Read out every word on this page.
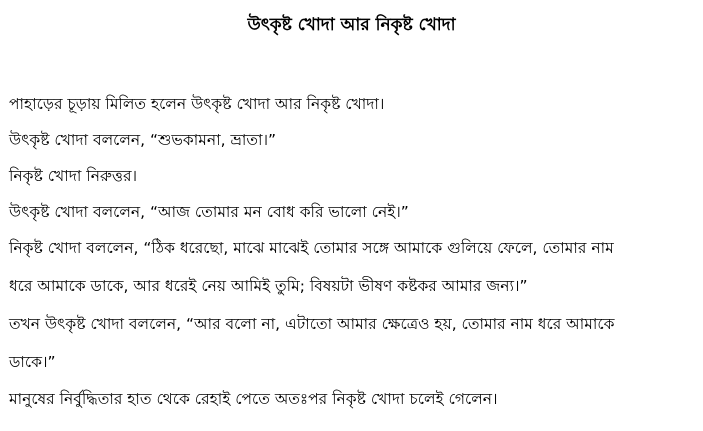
উৎকৃষ্ট খোদা আর নিকৃষ্ট খোদা
পাহাড়ের চূড়ায় মিলিত হলেন উৎকৃষ্ট খোদা আর নিকৃষ্ট খোদা।
উৎকৃষ্ট খোদা বললেন, “শুভকামনা, ভ্রাতা।”
নিকৃষ্ট খোদা নিরুত্তর।
উৎকৃষ্ট খোদা বললেন, “আজ তোমার মন বোধ করি ভালো নেই।”
নিকৃষ্ট খোদা বললেন, “ঠিক ধরেছো, মাঝে মাঝেই তোমার সঙ্গে আমাকে গুলিয়ে ফেলে, তোমার নাম
ধরে আমাকে ডাকে, আর ধরেই নেয় আমিই তুমি; বিষয়টা ভীষণ কষ্টকর আমার জন্য।”
তখন উৎকৃষ্ট খোদা বললেন, “আর বলো না, এটাতো আমার ক্ষেত্রেও হয়, তোমার নাম ধরে আমাকে
ডাকে।”
মানুষের নির্বুদ্ধিতার হাত থেকে রেহাই পেতে অতঃপর নিকৃষ্ট খোদা চলেই গেলেন।
